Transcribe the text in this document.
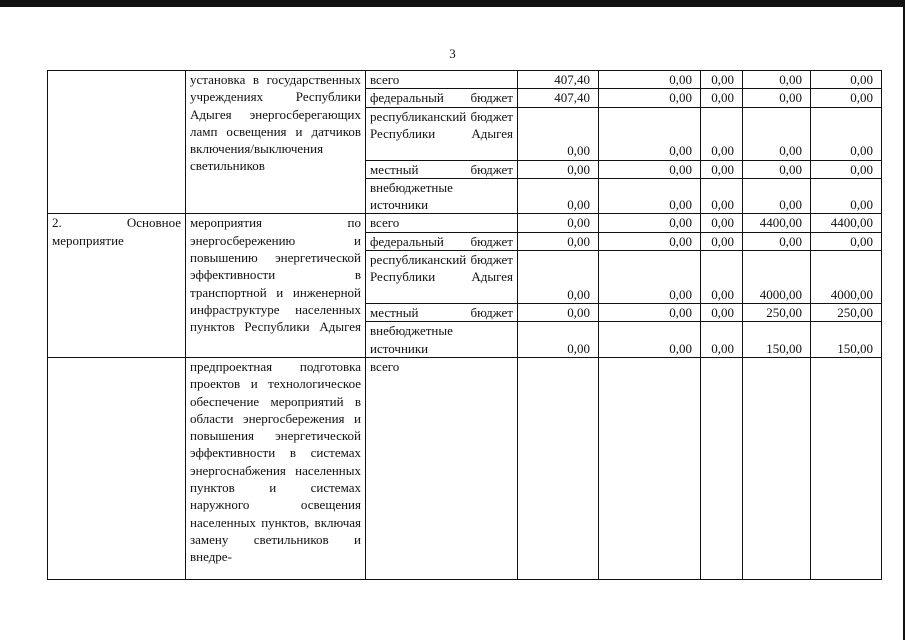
3
	установка в государственных учреждениях Республики Адыгея энергосберегающих ламп освещения и датчиков включения/выключения светильников	всего	407,40	0,00	0,00	0,00	0,00
		федеральный бюджет	407,40	0,00	0,00	0,00	0,00
		республиканский бюджет Республики Адыгея	0,00	0,00	0,00	0,00	0,00
		местный бюджет	0,00	0,00	0,00	0,00	0,00
		внебюджетные источники	0,00	0,00	0,00	0,00	0,00
2. Основное мероприятие	мероприятия по энергосбережению и повышению энергетической эффективности в транспортной и инженерной инфраструктуре населенных пунктов Республики Адыгея	всего	0,00	0,00	0,00	4400,00	4400,00
		федеральный бюджет	0,00	0,00	0,00	0,00	0,00
		республиканский бюджет Республики Адыгея	0,00	0,00	0,00	4000,00	4000,00
		местный бюджет	0,00	0,00	0,00	250,00	250,00
		внебюджетные источники	0,00	0,00	0,00	150,00	150,00
	предпроектная подготовка проектов и технологическое обеспечение мероприятий в области энергосбережения и повышения энергетической эффективности в системах энергоснабжения населенных пунктов и системах наружного освещения населенных пунктов, включая замену светильников и внедре-	всего					
